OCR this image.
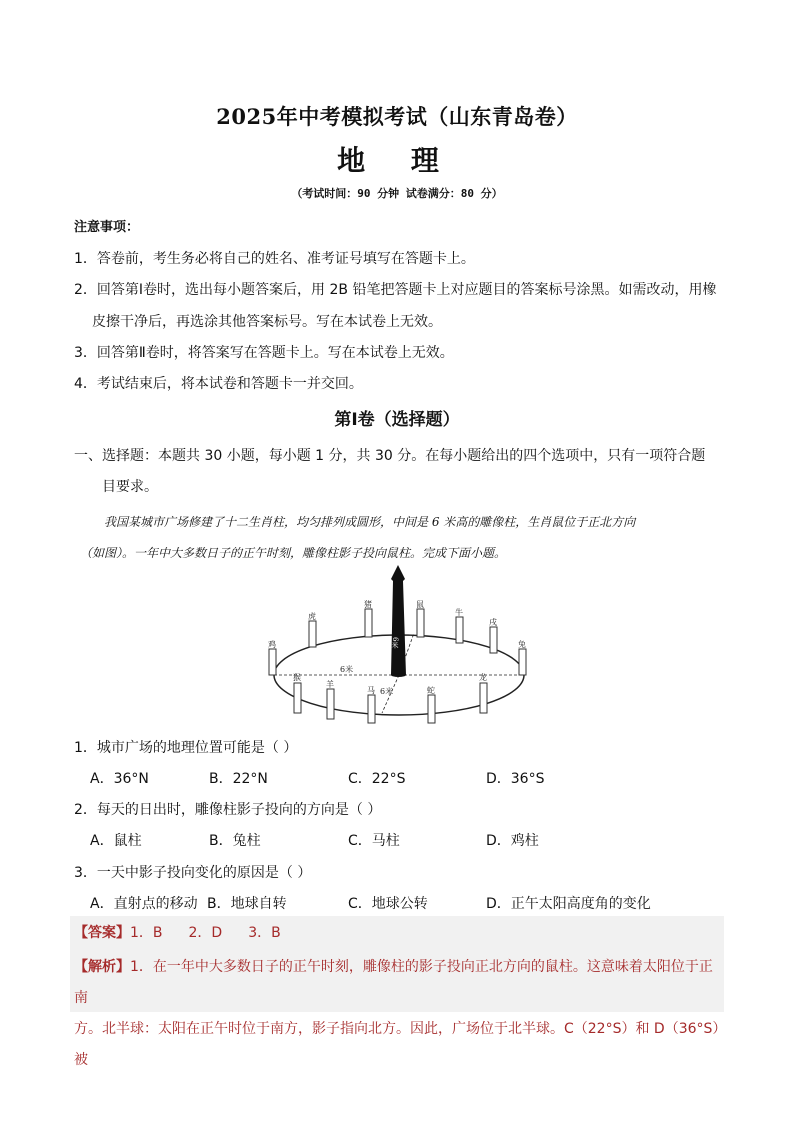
2025年中考模拟考试（山东青岛卷）
地 理
（考试时间：90 分钟 试卷满分：80 分）
注意事项：
1．答卷前，考生务必将自己的姓名、准考证号填写在答题卡上。
2．回答第Ⅰ卷时，选出每小题答案后，用 2B 铅笔把答题卡上对应题目的答案标号涂黑。如需改动，用橡
皮擦干净后，再选涂其他答案标号。写在本试卷上无效。
3．回答第Ⅱ卷时，将答案写在答题卡上。写在本试卷上无效。
4．考试结束后，将本试卷和答题卡一并交回。
第Ⅰ卷（选择题）
一、选择题：本题共 30 小题，每小题 1 分，共 30 分。在每小题给出的四个选项中，只有一项符合题
目要求。
我国某城市广场修建了十二生肖柱，均匀排列成圆形，中间是 6 米高的雕像柱，生肖鼠位于正北方向
（如图）。一年中大多数日子的正午时刻，雕像柱影子投向鼠柱。完成下面小题。
虎
猪	鼠
牛
戌
兔
鸡
猴
羊
马	蛇
龙
6米
6米
6米
1．城市广场的地理位置可能是（ ）
A．36°N	B．22°N	C．22°S	D．36°S
2．每天的日出时，雕像柱影子投向的方向是（ ）
A．鼠柱	B．兔柱	C．马柱	D．鸡柱
3．一天中影子投向变化的原因是（ ）
A．直射点的移动 B．地球自转	C．地球公转	D．正午太阳高度角的变化
【答案】1．B 2．D 3．B
【解析】1．在一年中大多数日子的正午时刻，雕像柱的影子投向正北方向的鼠柱。这意味着太阳位于正南
方。北半球：太阳在正午时位于南方，影子指向北方。因此，广场位于北半球。C（22°S）和 D（36°S）被
